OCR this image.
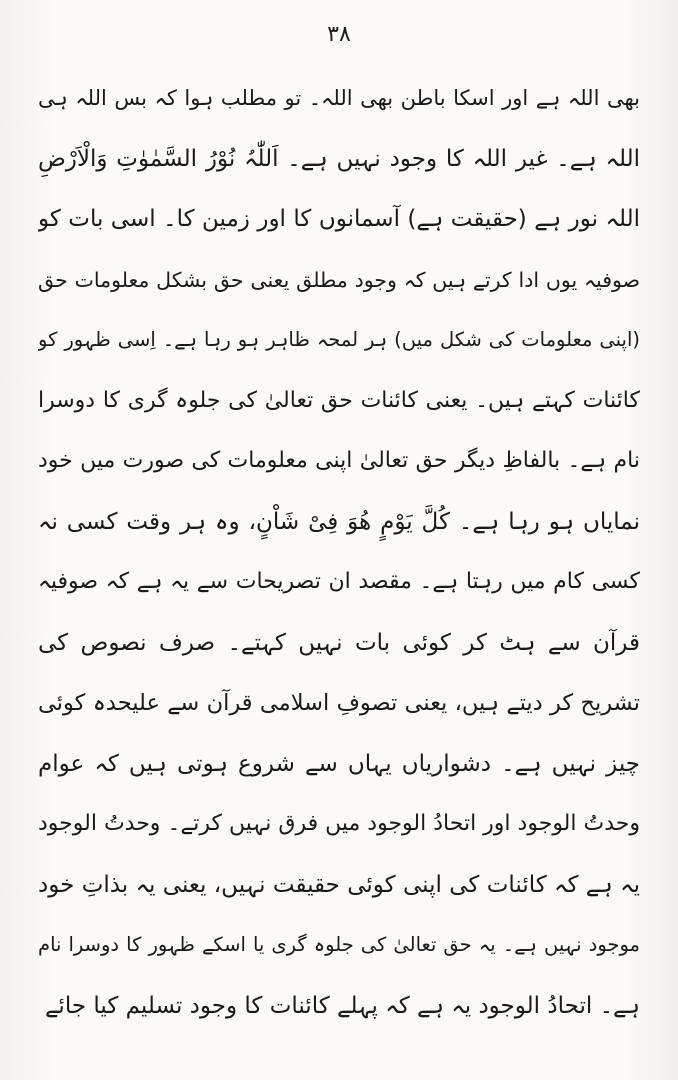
۳۸
بھی اللہ ہے اور اسکا باطن بھی اللہ۔ تو مطلب ہوا کہ بس اللہ ہی
اللہ ہے۔ غیر اللہ کا وجود نہیں ہے۔ اَللّٰہُ نُوْرُ السَّمٰوٰتِ وَالْاَرْضِ
اللہ نور ہے (حقیقت ہے) آسمانوں کا اور زمین کا۔ اسی بات کو
صوفیہ یوں ادا کرتے ہیں کہ وجود مطلق یعنی حق بشکل معلومات حق
(اپنی معلومات کی شکل میں) ہر لمحہ ظاہر ہو رہا ہے۔ اِسی ظہور کو
کائنات کہتے ہیں۔ یعنی کائنات حق تعالیٰ کی جلوہ گری کا دوسرا
نام ہے۔ بالفاظِ دیگر حق تعالیٰ اپنی معلومات کی صورت میں خود
نمایاں ہو رہا ہے۔ کُلَّ یَوْمٍ ھُوَ فِیْ شَاْنٍ، وہ ہر وقت کسی نہ
کسی کام میں رہتا ہے۔ مقصد ان تصریحات سے یہ ہے کہ صوفیہ
قرآن سے ہٹ کر کوئی بات نہیں کہتے۔ صرف نصوص کی
تشریح کر دیتے ہیں، یعنی تصوفِ اسلامی قرآن سے علیحدہ کوئی
چیز نہیں ہے۔ دشواریاں یہاں سے شروع ہوتی ہیں کہ عوام
وحدتُ الوجود اور اتحادُ الوجود میں فرق نہیں کرتے۔ وحدتُ الوجود
یہ ہے کہ کائنات کی اپنی کوئی حقیقت نہیں، یعنی یہ بذاتِ خود
موجود نہیں ہے۔ یہ حق تعالیٰ کی جلوہ گری یا اسکے ظہور کا دوسرا نام
ہے۔ اتحادُ الوجود یہ ہے کہ پہلے کائنات کا وجود تسلیم کیا جائے
